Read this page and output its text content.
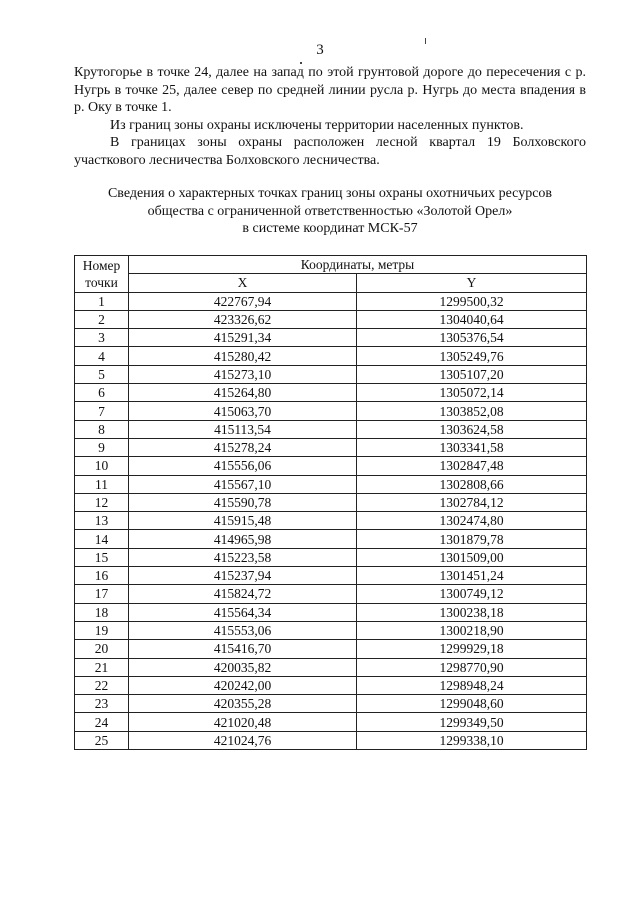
3

Крутогорье в точке 24, далее на запад по этой грунтовой дороге до пересечения с р. Нугрь в точке 25, далее север по средней линии русла р. Нугрь до места впадения в р. Оку в точке 1.

Из границ зоны охраны исключены территории населенных пунктов.

В границах зоны охраны расположен лесной квартал 19 Болховского участкового лесничества Болховского лесничества.

Сведения о характерных точках границ зоны охраны охотничьих ресурсов
общества с ограниченной ответственностью «Золотой Орел»
в системе координат МСК-57
Номер
точки	Координаты, метры	
	X	Y
1	422767,94	1299500,32
2	423326,62	1304040,64
3	415291,34	1305376,54
4	415280,42	1305249,76
5	415273,10	1305107,20
6	415264,80	1305072,14
7	415063,70	1303852,08
8	415113,54	1303624,58
9	415278,24	1303341,58
10	415556,06	1302847,48
11	415567,10	1302808,66
12	415590,78	1302784,12
13	415915,48	1302474,80
14	414965,98	1301879,78
15	415223,58	1301509,00
16	415237,94	1301451,24
17	415824,72	1300749,12
18	415564,34	1300238,18
19	415553,06	1300218,90
20	415416,70	1299929,18
21	420035,82	1298770,90
22	420242,00	1298948,24
23	420355,28	1299048,60
24	421020,48	1299349,50
25	421024,76	1299338,10
